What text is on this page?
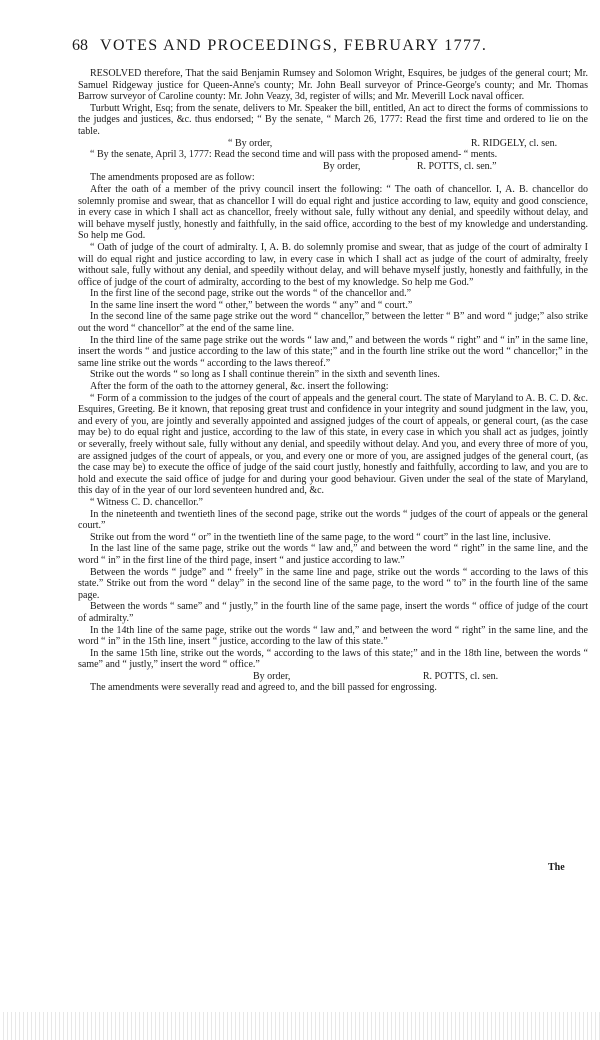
68 VOTES AND PROCEEDINGS, FEBRUARY 1777.

RESOLVED therefore, That the said Benjamin Rumsey and Solomon Wright, Esquires, be judges of the general court; Mr. Samuel Ridgeway justice for Queen-Anne's county; Mr. John Beall surveyor of Prince-George's county; and Mr. Thomas Barrow surveyor of Caroline county: Mr. John Veazy, 3d, register of wills; and Mr. Meverill Lock naval officer.

Turbutt Wright, Esq; from the senate, delivers to Mr. Speaker the bill, entitled, An act to direct the forms of commissions to the judges and justices, &c. thus endorsed; “ By the senate, “ March 26, 1777: Read the first time and ordered to lie on the table.

“ By order,	R. RIDGELY, cl. sen.

“ By the senate, April 3, 1777: Read the second time and will pass with the proposed amend- “ ments.

By order,	R. POTTS, cl. sen.”

The amendments proposed are as follow:

After the oath of a member of the privy council insert the following: “ The oath of chancellor. I, A. B. chancellor do solemnly promise and swear, that as chancellor I will do equal right and justice according to law, equity and good conscience, in every case in which I shall act as chancellor, freely without sale, fully without any denial, and speedily without delay, and will behave myself justly, honestly and faithfully, in the said office, according to the best of my knowledge and understanding. So help me God.

“ Oath of judge of the court of admiralty. I, A. B. do solemnly promise and swear, that as judge of the court of admiralty I will do equal right and justice according to law, in every case in which I shall act as judge of the court of admiralty, freely without sale, fully without any denial, and speedily without delay, and will behave myself justly, honestly and faithfully, in the office of judge of the court of admiralty, according to the best of my knowledge. So help me God.”

In the first line of the second page, strike out the words “ of the chancellor and.”

In the same line insert the word “ other,” between the words “ any” and “ court.”

In the second line of the same page strike out the word “ chancellor,” between the letter “ B” and word “ judge;” also strike out the word “ chancellor” at the end of the same line.

In the third line of the same page strike out the words “ law and,” and between the words “ right” and “ in” in the same line, insert the words “ and justice according to the law of this state;” and in the fourth line strike out the word “ chancellor;” in the same line strike out the words “ according to the laws thereof.”

Strike out the words “ so long as I shall continue therein” in the sixth and seventh lines.

After the form of the oath to the attorney general, &c. insert the following:

“ Form of a commission to the judges of the court of appeals and the general court. The state of Maryland to A. B. C. D. &c. Esquires, Greeting. Be it known, that reposing great trust and confidence in your integrity and sound judgment in the law, you, and every of you, are jointly and severally appointed and assigned judges of the court of appeals, or general court, (as the case may be) to do equal right and justice, according to the law of this state, in every case in which you shall act as judges, jointly or severally, freely without sale, fully without any denial, and speedily without delay. And you, and every three of more of you, are assigned judges of the court of appeals, or you, and every one or more of you, are assigned judges of the general court, (as the case may be) to execute the office of judge of the said court justly, honestly and faithfully, according to law, and you are to hold and execute the said office of judge for and during your good behaviour. Given under the seal of the state of Maryland, this day of in the year of our lord seventeen hundred and, &c.

“ Witness C. D. chancellor.”

In the nineteenth and twentieth lines of the second page, strike out the words “ judges of the court of appeals or the general court.”

Strike out from the word “ or” in the twentieth line of the same page, to the word “ court” in the last line, inclusive.

In the last line of the same page, strike out the words “ law and,” and between the word “ right” in the same line, and the word “ in” in the first line of the third page, insert “ and justice according to law.”

Between the words “ judge” and “ freely” in the same line and page, strike out the words “ according to the laws of this state.” Strike out from the word “ delay” in the second line of the same page, to the word “ to” in the fourth line of the same page.

Between the words “ same” and “ justly,” in the fourth line of the same page, insert the words “ office of judge of the court of admiralty.”

In the 14th line of the same page, strike out the words “ law and,” and between the word “ right” in the same line, and the word “ in” in the 15th line, insert “ justice, according to the law of this state.”

In the same 15th line, strike out the words, “ according to the laws of this state;” and in the 18th line, between the words “ same” and “ justly,” insert the word “ office.”

By order,	R. POTTS, cl. sen.

The amendments were severally read and agreed to, and the bill passed for engrossing.

The
